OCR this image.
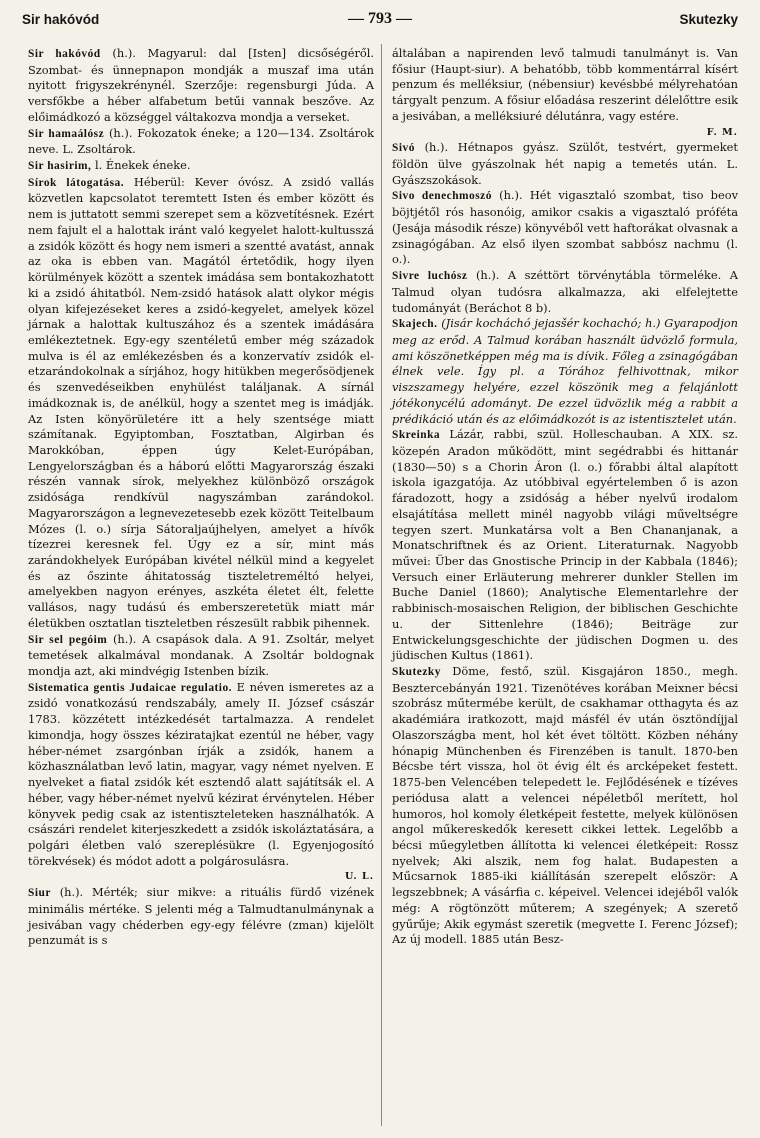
Sir hakóvód	— 793 —	Skutezky

Sir hakóvód (h.). Magyarul: dal [Isten] dicsőségéről. Szombat- és ünnepnapon mondják a muszaf ima után nyitott frigyszekrénynél. Szerzője: regensburgi Júda. A versfőkbe a héber alfabetum betűi vannak beszőve. Az előimádkozó a községgel váltakozva mondja a verseket.

Sir hamaálósz (h.). Fokozatok éneke; a 120—134. Zsoltárok neve. L. Zsoltárok.

Sir hasirim, l. Énekek éneke.

Sírok látogatása. Héberül: Kever óvósz. A zsidó vallás közvetlen kapcsolatot teremtett Isten és ember között és nem is juttatott semmi szerepet sem a közvetítésnek. Ezért nem fajult el a halottak iránt való kegyelet halott-kultusszá a zsidók között és hogy nem ismeri a szentté avatást, annak az oka is ebben van. Magától értetődik, hogy ilyen körülmények között a szentek imádása sem bontakozhatott ki a zsidó áhitatból. Nem-zsidó hatások alatt olykor mégis olyan kifejezéseket keres a zsidó-kegyelet, amelyek közel járnak a halottak kultuszához és a szentek imádására emlékeztetnek. Egy-egy szentéletű ember még századok mulva is él az emlékezésben és a konzervatív zsidók el-etzarándokolnak a sírjához, hogy hitükben megerősödjenek és szenvedéseikben enyhülést találjanak. A sírnál imádkoznak is, de anélkül, hogy a szentet meg is imádják. Az Isten könyörületére itt a hely szentsége miatt számítanak. Egyiptomban, Fosztatban, Algirban és Marokkóban, éppen úgy Kelet-Európában, Lengyelországban és a háború előtti Magyarország északi részén vannak sírok, melyekhez különböző országok zsidósága rendkívül nagyszámban zarándokol. Magyarországon a legnevezetesebb ezek között Teitelbaum Mózes (l. o.) sírja Sátoraljaújhelyen, amelyet a hívők tízezrei keresnek fel. Úgy ez a sír, mint más zarándokhelyek Európában kivétel nélkül mind a kegyelet és az őszinte áhitatosság tiszteletreméltó helyei, amelyekben nagyon erényes, aszkéta életet élt, felette vallásos, nagy tudású és emberszeretetük miatt már életükben osztatlan tiszteletben részesült rabbik pihennek.

Sir sel pegóim (h.). A csapások dala. A 91. Zsoltár, melyet temetések alkalmával mondanak. A Zsoltár boldognak mondja azt, aki mindvégig Istenben bízik.

Sistematica gentis Judaicae regulatio. E néven ismeretes az a zsidó vonatkozású rendszabály, amely II. József császár 1783. közzétett intézkedését tartalmazza. A rendelet kimondja, hogy összes kéziratajkat ezentúl ne héber, vagy héber-német zsargónban írják a zsidók, hanem a közhasználatban levő latin, magyar, vagy német nyelven. E nyelveket a fiatal zsidók két esztendő alatt sajátítsák el. A héber, vagy héber-német nyelvű kézirat érvénytelen. Héber könyvek pedig csak az istentiszteleteken használhatók. A császári rendelet kiterjeszkedett a zsidók iskoláztatására, a polgári életben való szereplésükre (l. Egyenjogosító törekvések) és módot adott a polgárosulásra.
U. L.

Siur (h.). Mérték; siur mikve: a rituális fürdő vizének minimális mértéke. S jelenti még a Talmudtanulmánynak a jesivában vagy chéderben egy-egy félévre (zman) kijelölt penzumát is s

általában a napirenden levő talmudi tanulmányt is. Van fősiur (Haupt-siur). A behatóbb, több kommentárral kísért penzum és melléksiur, (nébensiur) kevésbbé mélyrehatóan tárgyalt penzum. A fősiur előadása reszerint délelőttre esik a jesivában, a melléksiuré délutánra, vagy estére.
F. M.

Sivó (h.). Hétnapos gyász. Szülőt, testvért, gyermeket földön ülve gyászolnak hét napig a temetés után. L. Gyászszokások.

Sivo denechmoszó (h.). Hét vigasztaló szombat, tiso beov böjtjétől rós hasonóig, amikor csakis a vigasztaló próféta (Jesája második része) könyvéből vett haftorákat olvasnak a zsinagógában. Az első ilyen szombat sabbósz nachmu (l. o.).

Sivre luchósz (h.). A széttört törvénytábla törmeléke. A Talmud olyan tudósra alkalmazza, aki elfelejtette tudományát (Beráchot 8 b).

Skajech. (Jisár kocháchó jejasšér kochachó; h.) Gyarapodjon meg az erőd. A Talmud korában használt üdvözlő formula, ami köszönetképpen még ma is dívik. Főleg a zsinagógában élnek vele. Így pl. a Tórához felhivottnak, mikor viszszamegy helyére, ezzel köszönik meg a felajánlott jótékonycélú adományt. De ezzel üdvözlik még a rabbit a prédikáció után és az előimádkozót is az istentisztelet után.

Skreinka Lázár, rabbi, szül. Holleschauban. A XIX. sz. közepén Aradon működött, mint segédrabbi és hittanár (1830—50) s a Chorin Áron (l. o.) főrabbi által alapított iskola igazgatója. Az utóbbival egyértelemben ő is azon fáradozott, hogy a zsidóság a héber nyelvű irodalom elsajátítása mellett minél nagyobb világi műveltségre tegyen szert. Munkatársa volt a Ben Chananjanak, a Monatschriftnek és az Orient. Literaturnak. Nagyobb művei: Über das Gnostische Princip in der Kabbala (1846); Versuch einer Erläuterung mehrerer dunkler Stellen im Buche Daniel (1860); Analytische Elementarlehre der rabbinisch-mosaischen Religion, der biblischen Geschichte u. der Sittenlehre (1846); Beiträge zur Entwickelungsgeschichte der jüdischen Dogmen u. des jüdischen Kultus (1861).

Skutezky Döme, festő, szül. Kisgajáron 1850., megh. Besztercebányán 1921. Tizenötéves korában Meixner bécsi szobrász műtermébe került, de csakhamar otthagyta és az akadémiára iratkozott, majd másfél év után ösztöndíjjal Olaszországba ment, hol két évet töltött. Közben néhány hónapig Münchenben és Firenzében is tanult. 1870-ben Bécsbe tért vissza, hol öt évig élt és arcképeket festett. 1875-ben Velencében telepedett le. Fejlődésének e tízéves periódusa alatt a velencei népéletből merített, hol humoros, hol komoly életképeit festette, melyek különösen angol műkereskedők keresett cikkei lettek. Legelőbb a bécsi műegyletben állította ki velencei életképeit: Rossz nyelvek; Aki alszik, nem fog halat. Budapesten a Műcsarnok 1885-iki kiállításán szerepelt először: A legszebbnek; A vásárfia c. képeivel. Velencei idejéből valók még: A rögtönzött műterem; A szegények; A szerető gyűrűje; Akik egymást szeretik (megvette I. Ferenc József); Az új modell. 1885 után Besz-
